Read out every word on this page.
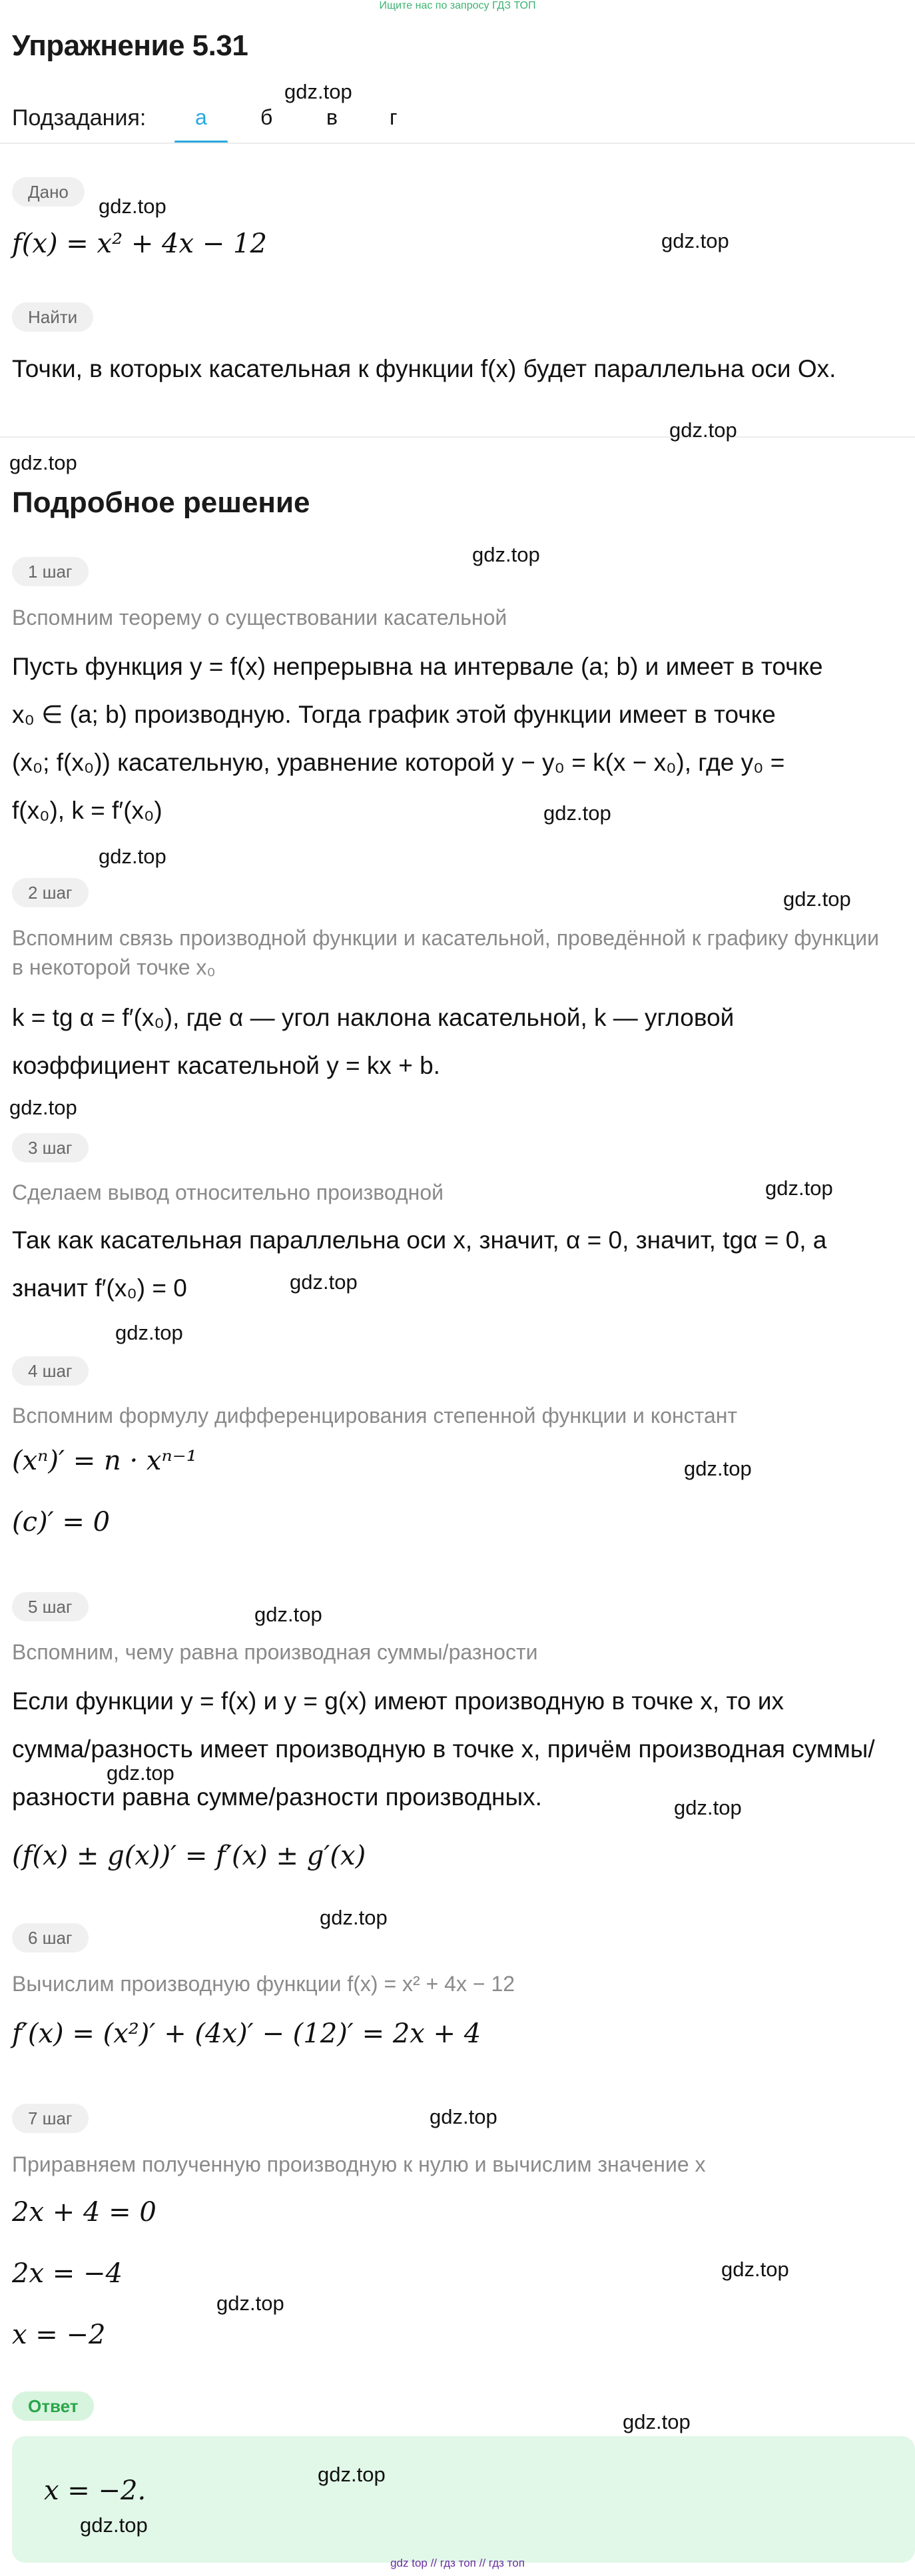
Ищите нас по запросу ГДЗ ТОП
Упражнение 5.31
Подзадания: а	б	в г
Дано
f(x) = x² + 4x − 12
Найти
Точки, в которых касательная к функции f(x) будет параллельна оси Ox.
Подробное решение
1 шаг
Вспомним теорему о существовании касательной
Пусть функция y = f(x) непрерывна на интервале (a; b) и имеет в точке
x₀ ∈ (a; b) производную. Тогда график этой функции имеет в точке
(x₀; f(x₀)) касательную, уравнение которой y − y₀ = k(x − x₀), где y₀ =
f(x₀), k = f′(x₀)
2 шаг
Вспомним связь производной функции и касательной, проведённой к графику функции
в некоторой точке x₀
k = tg α = f′(x₀), где α — угол наклона касательной, k — угловой
коэффициент касательной y = kx + b.
3 шаг
Сделаем вывод относительно производной
Так как касательная параллельна оси x, значит, α = 0, значит, tgα = 0, а
значит f′(x₀) = 0
4 шаг
Вспомним формулу дифференцирования степенной функции и констант
(xⁿ)′ = n · xⁿ⁻¹
(c)′ = 0
5 шаг
Вспомним, чему равна производная суммы/разности
Если функции y = f(x) и y = g(x) имеют производную в точке x, то их
сумма/разность имеет производную в точке x, причём производная суммы/
разности равна сумме/разности производных.
(f(x) ± g(x))′ = f′(x) ± g′(x)
6 шаг
Вычислим производную функции f(x) = x² + 4x − 12
f′(x) = (x²)′ + (4x)′ − (12)′ = 2x + 4
7 шаг
Приравняем полученную производную к нулю и вычислим значение x
2x + 4 = 0
2x = −4
x = −2
Ответ
x = −2.
gdz.top
gdz.top
gdz.top
gdz.top
gdz.top
gdz.top
gdz.top
gdz.top
gdz.top
gdz.top
gdz.top
gdz.top
gdz.top
gdz.top
gdz.top
gdz.top
gdz.top
gdz.top
gdz.top
gdz.top
gdz.top
gdz.top
gdz.top
gdz.top
gdz top // гдз топ // гдз топ
